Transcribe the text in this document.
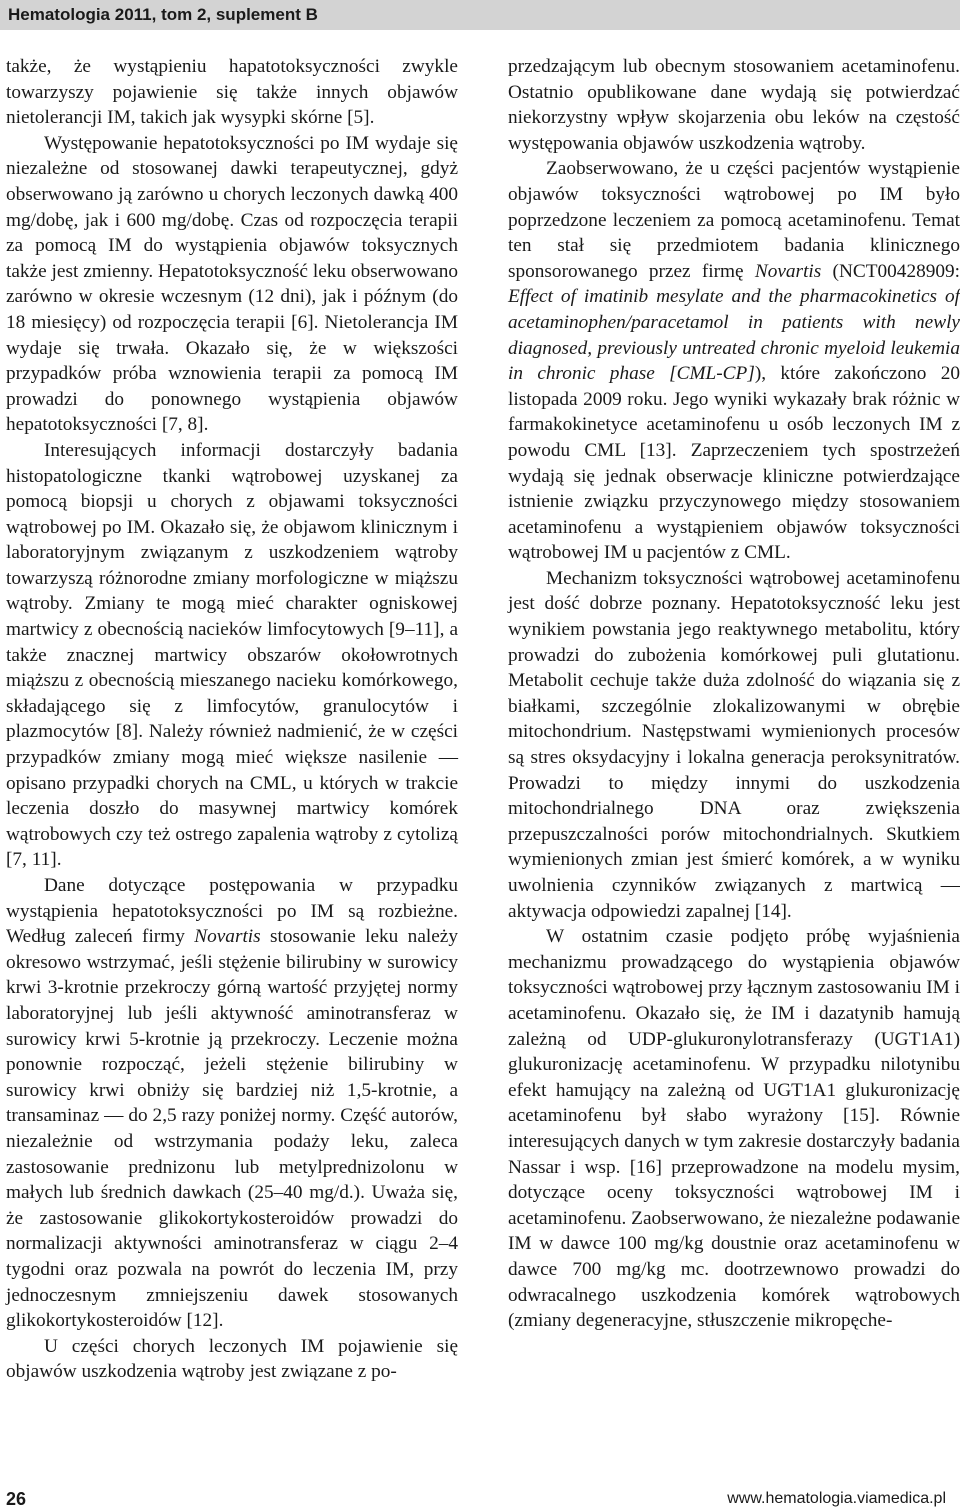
Hematologia 2011, tom 2, suplement B

także, że wystąpieniu hapatotoksyczności zwykle towarzyszy pojawienie się także innych objawów nietolerancji IM, takich jak wysypki skórne [5].

Występowanie hepatotoksyczności po IM wydaje się niezależne od stosowanej dawki terapeutycznej, gdyż obserwowano ją zarówno u chorych leczonych dawką 400 mg/dobę, jak i 600 mg/dobę. Czas od rozpoczęcia terapii za pomocą IM do wystąpienia objawów toksycznych także jest zmienny. Hepatotoksyczność leku obserwowano zarówno w okresie wczesnym (12 dni), jak i późnym (do 18 miesięcy) od rozpoczęcia terapii [6]. Nietolerancja IM wydaje się trwała. Okazało się, że w większości przypadków próba wznowienia terapii za pomocą IM prowadzi do ponownego wystąpienia objawów hepatotoksyczności [7, 8].

Interesujących informacji dostarczyły badania histopatologiczne tkanki wątrobowej uzyskanej za pomocą biopsji u chorych z objawami toksyczności wątrobowej po IM. Okazało się, że objawom klinicznym i laboratoryjnym związanym z uszkodzeniem wątroby towarzyszą różnorodne zmiany morfologiczne w miąższu wątroby. Zmiany te mogą mieć charakter ogniskowej martwicy z obecnością nacieków limfocytowych [9–11], a także znacznej martwicy obszarów okołowrotnych miąższu z obecnością mieszanego nacieku komórkowego, składającego się z limfocytów, granulocytów i plazmocytów [8]. Należy również nadmienić, że w części przypadków zmiany mogą mieć większe nasilenie — opisano przypadki chorych na CML, u których w trakcie leczenia doszło do masywnej martwicy komórek wątrobowych czy też ostrego zapalenia wątroby z cytolizą [7, 11].

Dane dotyczące postępowania w przypadku wystąpienia hepatotoksyczności po IM są rozbieżne. Według zaleceń firmy Novartis stosowanie leku należy okresowo wstrzymać, jeśli stężenie bilirubiny w surowicy krwi 3-krotnie przekroczy górną wartość przyjętej normy laboratoryjnej lub jeśli aktywność aminotransferaz w surowicy krwi 5-krotnie ją przekroczy. Leczenie można ponownie rozpocząć, jeżeli stężenie bilirubiny w surowicy krwi obniży się bardziej niż 1,5-krotnie, a transaminaz — do 2,5 razy poniżej normy. Część autorów, niezależnie od wstrzymania podaży leku, zaleca zastosowanie prednizonu lub metylprednizolonu w małych lub średnich dawkach (25–40 mg/d.). Uważa się, że zastosowanie glikokortykosteroidów prowadzi do normalizacji aktywności aminotransferaz w ciągu 2–4 tygodni oraz pozwala na powrót do leczenia IM, przy jednoczesnym zmniejszeniu dawek stosowanych glikokortykosteroidów [12].

U części chorych leczonych IM pojawienie się objawów uszkodzenia wątroby jest związane z po-

przedzającym lub obecnym stosowaniem acetaminofenu. Ostatnio opublikowane dane wydają się potwierdzać niekorzystny wpływ skojarzenia obu leków na częstość występowania objawów uszkodzenia wątroby.

Zaobserwowano, że u części pacjentów wystąpienie objawów toksyczności wątrobowej po IM było poprzedzone leczeniem za pomocą acetaminofenu. Temat ten stał się przedmiotem badania klinicznego sponsorowanego przez firmę Novartis (NCT00428909: Effect of imatinib mesylate and the pharmacokinetics of acetaminophen/paracetamol in patients with newly diagnosed, previously untreated chronic myeloid leukemia in chronic phase [CML-CP]), które zakończono 20 listopada 2009 roku. Jego wyniki wykazały brak różnic w farmakokinetyce acetaminofenu u osób leczonych IM z powodu CML [13]. Zaprzeczeniem tych spostrzeżeń wydają się jednak obserwacje kliniczne potwierdzające istnienie związku przyczynowego między stosowaniem acetaminofenu a wystąpieniem objawów toksyczności wątrobowej IM u pacjentów z CML.

Mechanizm toksyczności wątrobowej acetaminofenu jest dość dobrze poznany. Hepatotoksyczność leku jest wynikiem powstania jego reaktywnego metabolitu, który prowadzi do zubożenia komórkowej puli glutationu. Metabolit cechuje także duża zdolność do wiązania się z białkami, szczególnie zlokalizowanymi w obrębie mitochondrium. Następstwami wymienionych procesów są stres oksydacyjny i lokalna generacja peroksynitratów. Prowadzi to między innymi do uszkodzenia mitochondrialnego DNA oraz zwiększenia przepuszczalności porów mitochondrialnych. Skutkiem wymienionych zmian jest śmierć komórek, a w wyniku uwolnienia czynników związanych z martwicą — aktywacja odpowiedzi zapalnej [14].

W ostatnim czasie podjęto próbę wyjaśnienia mechanizmu prowadzącego do wystąpienia objawów toksyczności wątrobowej przy łącznym zastosowaniu IM i acetaminofenu. Okazało się, że IM i dazatynib hamują zależną od UDP-glukuronylotransferazy (UGT1A1) glukuronizację acetaminofenu. W przypadku nilotynibu efekt hamujący na zależną od UGT1A1 glukuronizację acetaminofenu był słabo wyrażony [15]. Równie interesujących danych w tym zakresie dostarczyły badania Nassar i wsp. [16] przeprowadzone na modelu mysim, dotyczące oceny toksyczności wątrobowej IM i acetaminofenu. Zaobserwowano, że niezależne podawanie IM w dawce 100 mg/kg doustnie oraz acetaminofenu w dawce 700 mg/kg mc. dootrzewnowo prowadzi do odwracalnego uszkodzenia komórek wątrobowych (zmiany degeneracyjne, stłuszczenie mikropęche-

26	www.hematologia.viamedica.pl
